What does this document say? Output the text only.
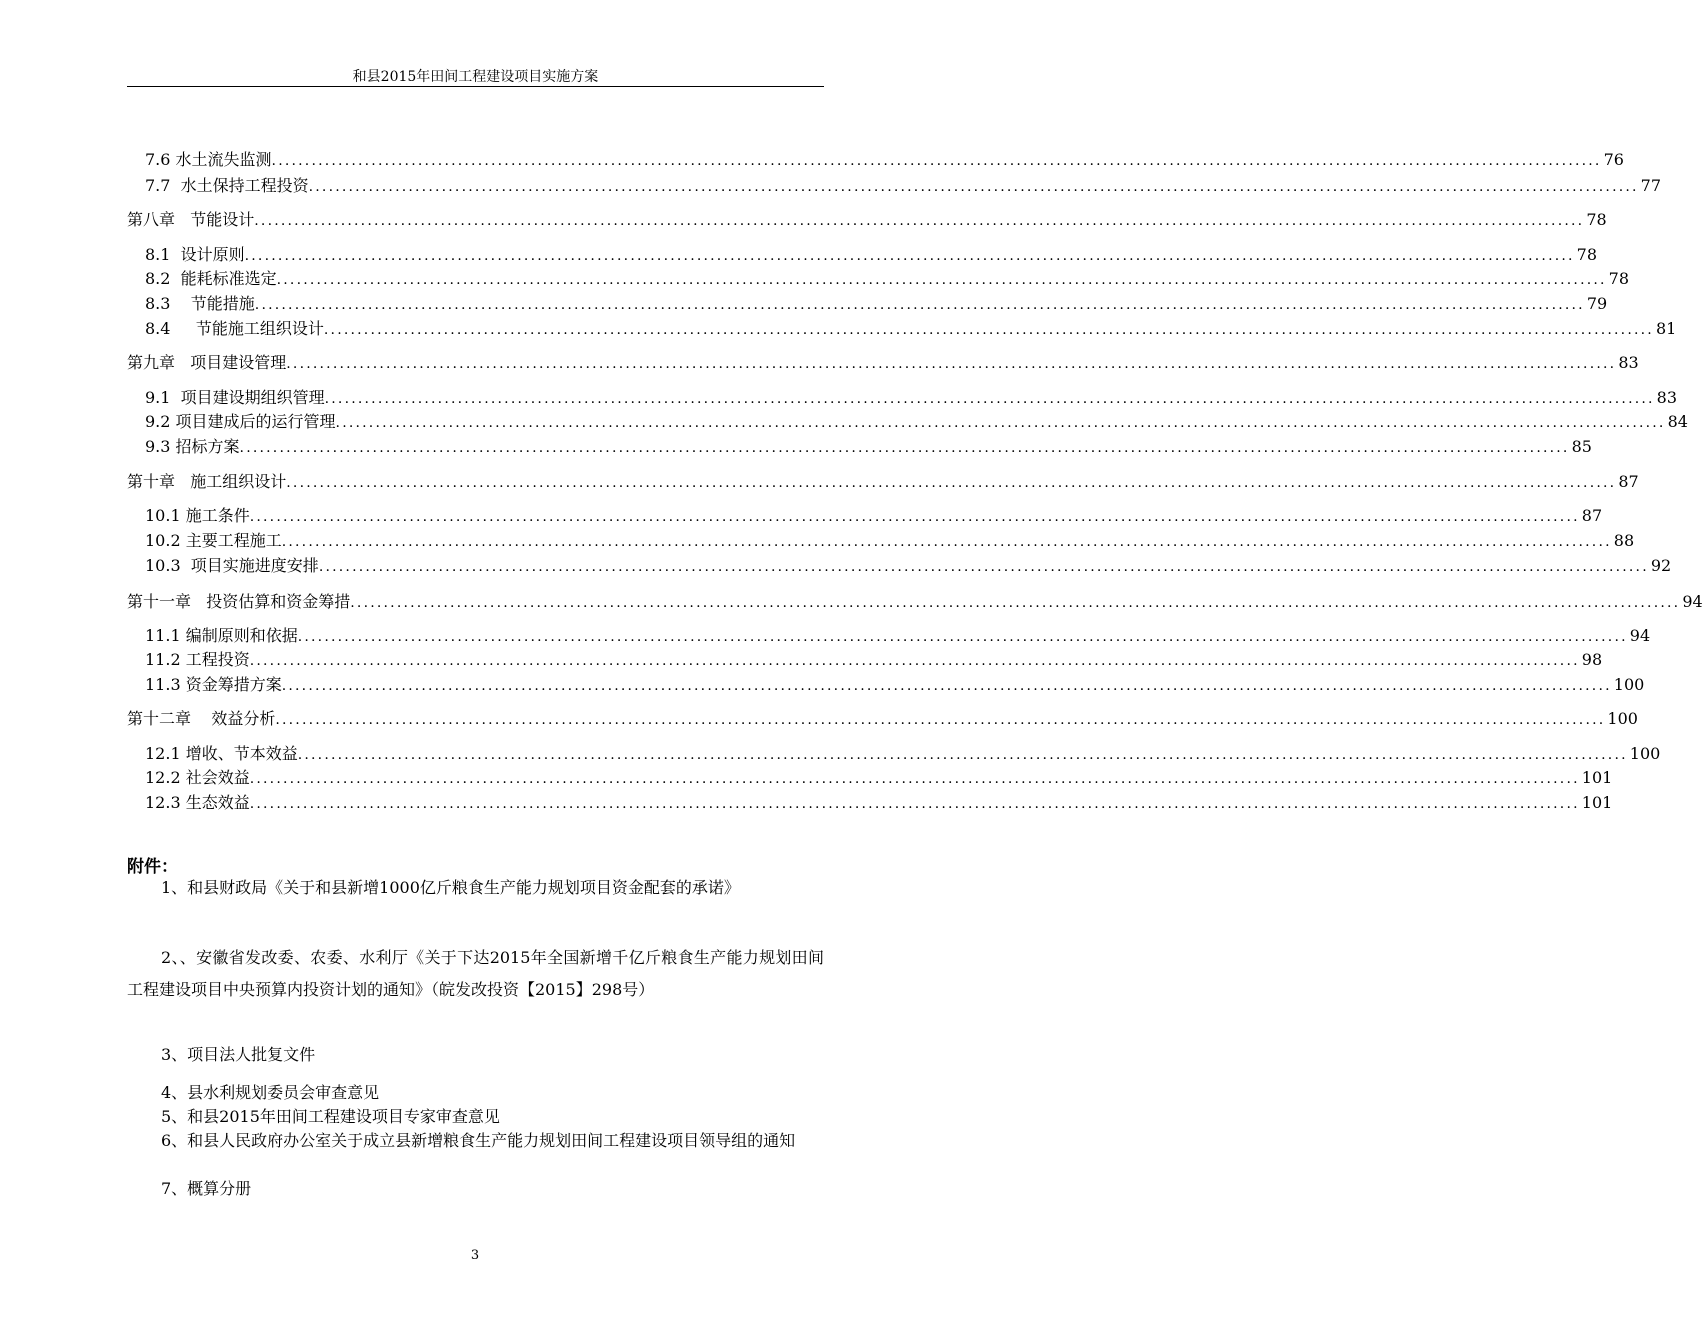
和县2015年田间工程建设项目实施方案
7.6 水土流失监测 ........................................................................................................................................................................................................ 76
7.7  水土保持工程投资 ........................................................................................................................................................................................................ 77
第八章   节能设计 ........................................................................................................................................................................................................ 78
8.1  设计原则 ........................................................................................................................................................................................................ 78
8.2  能耗标准选定 ........................................................................................................................................................................................................ 78
8.3    节能措施 ........................................................................................................................................................................................................ 79
8.4     节能施工组织设计 ........................................................................................................................................................................................................ 81
第九章   项目建设管理 ........................................................................................................................................................................................................ 83
9.1  项目建设期组织管理 ........................................................................................................................................................................................................ 83
9.2 项目建成后的运行管理 ........................................................................................................................................................................................................ 84
9.3 招标方案 ........................................................................................................................................................................................................ 85
第十章   施工组织设计 ........................................................................................................................................................................................................ 87
10.1 施工条件 ........................................................................................................................................................................................................ 87
10.2 主要工程施工 ........................................................................................................................................................................................................ 88
10.3  项目实施进度安排 ........................................................................................................................................................................................................ 92
第十一章   投资估算和资金筹措 ........................................................................................................................................................................................................ 94
11.1 编制原则和依据 ........................................................................................................................................................................................................ 94
11.2 工程投资 ........................................................................................................................................................................................................ 98
11.3 资金筹措方案 ........................................................................................................................................................................................................ 100
第十二章    效益分析 ........................................................................................................................................................................................................ 100
12.1 增收、节本效益 ........................................................................................................................................................................................................ 100
12.2 社会效益 ........................................................................................................................................................................................................ 101
12.3 生态效益 ........................................................................................................................................................................................................ 101
附件：
1、和县财政局《关于和县新增1000亿斤粮食生产能力规划项目资金配套的承诺》
2、、安徽省发改委、农委、水利厅《关于下达2015年全国新增千亿斤粮食生产能力规划田间工程建设项目中央预算内投资计划的通知》（皖发改投资【2015】298号）
3、项目法人批复文件
4、县水利规划委员会审查意见
5、和县2015年田间工程建设项目专家审查意见
6、和县人民政府办公室关于成立县新增粮食生产能力规划田间工程建设项目领导组的通知
7、概算分册
3
